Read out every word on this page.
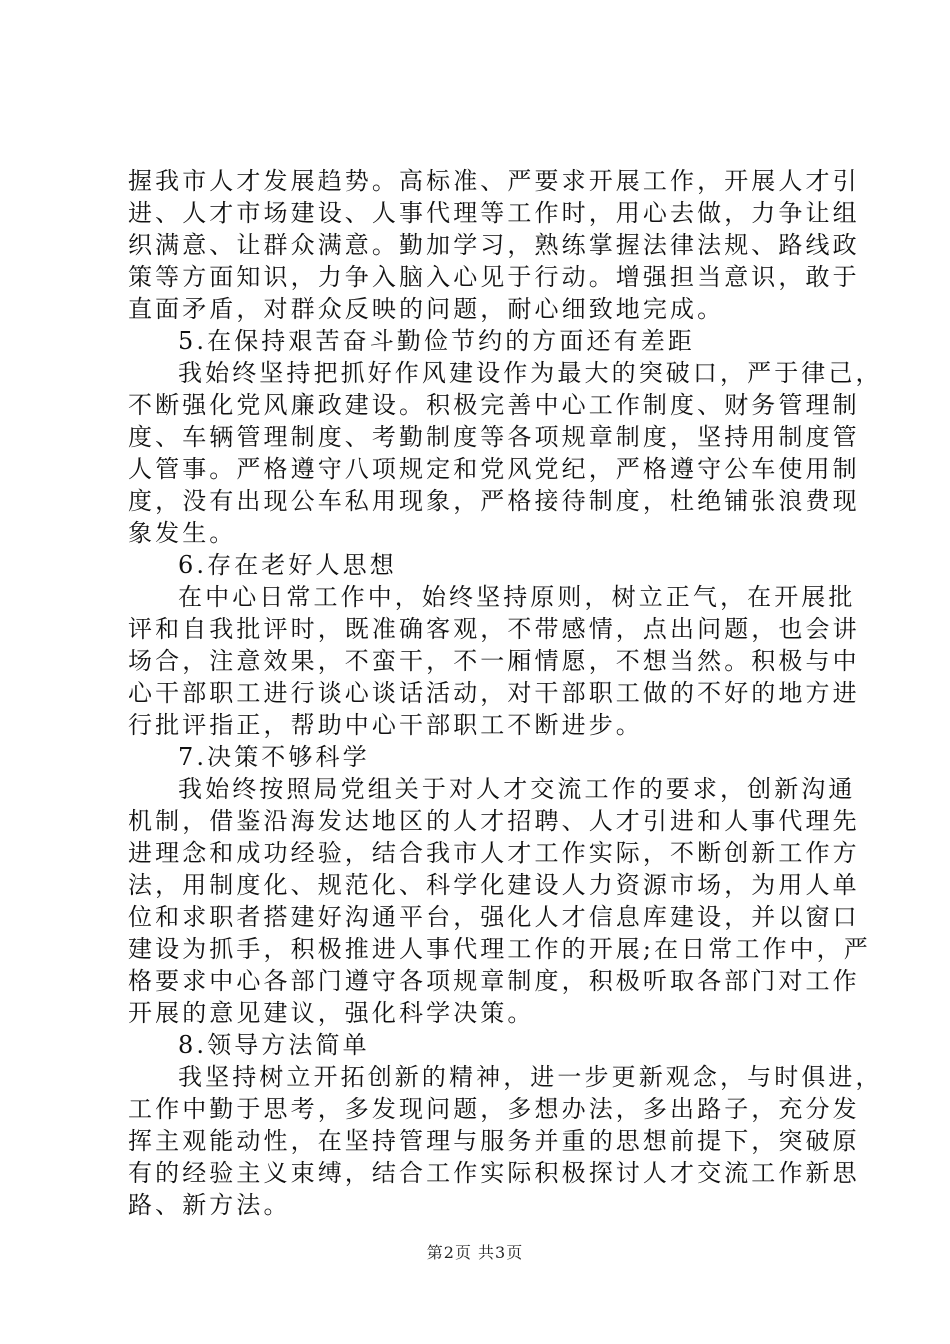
握我市人才发展趋势。高标准、严要求开展工作，开展人才引
进、人才市场建设、人事代理等工作时，用心去做，力争让组
织满意、让群众满意。勤加学习，熟练掌握法律法规、路线政
策等方面知识，力争入脑入心见于行动。增强担当意识，敢于
直面矛盾，对群众反映的问题，耐心细致地完成。
5.在保持艰苦奋斗勤俭节约的方面还有差距
我始终坚持把抓好作风建设作为最大的突破口，严于律己，
不断强化党风廉政建设。积极完善中心工作制度、财务管理制
度、车辆管理制度、考勤制度等各项规章制度，坚持用制度管
人管事。严格遵守八项规定和党风党纪，严格遵守公车使用制
度，没有出现公车私用现象，严格接待制度，杜绝铺张浪费现
象发生。
6.存在老好人思想
在中心日常工作中，始终坚持原则，树立正气，在开展批
评和自我批评时，既准确客观，不带感情，点出问题，也会讲
场合，注意效果，不蛮干，不一厢情愿，不想当然。积极与中
心干部职工进行谈心谈话活动，对干部职工做的不好的地方进
行批评指正，帮助中心干部职工不断进步。
7.决策不够科学
我始终按照局党组关于对人才交流工作的要求，创新沟通
机制，借鉴沿海发达地区的人才招聘、人才引进和人事代理先
进理念和成功经验，结合我市人才工作实际，不断创新工作方
法，用制度化、规范化、科学化建设人力资源市场，为用人单
位和求职者搭建好沟通平台，强化人才信息库建设，并以窗口
建设为抓手，积极推进人事代理工作的开展;在日常工作中，严
格要求中心各部门遵守各项规章制度，积极听取各部门对工作
开展的意见建议，强化科学决策。
8.领导方法简单
我坚持树立开拓创新的精神，进一步更新观念，与时俱进，
工作中勤于思考，多发现问题，多想办法，多出路子，充分发
挥主观能动性，在坚持管理与服务并重的思想前提下，突破原
有的经验主义束缚，结合工作实际积极探讨人才交流工作新思
路、新方法。
第2页 共3页
